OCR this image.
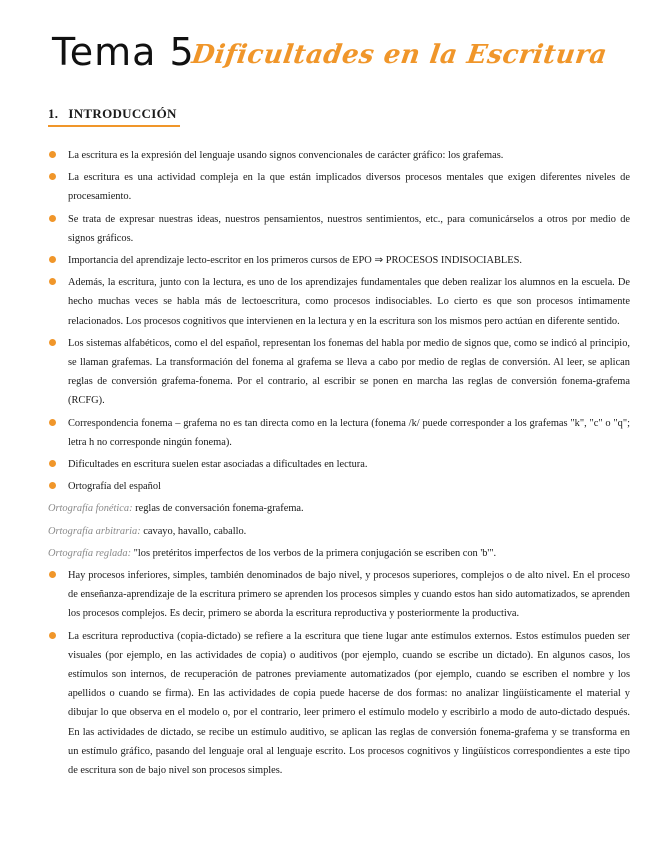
Tema 5
Dificultades en la Escritura
1. INTRODUCCIÓN
La escritura es la expresión del lenguaje usando signos convencionales de carácter gráfico: los grafemas.
La escritura es una actividad compleja en la que están implicados diversos procesos mentales que exigen diferentes niveles de procesamiento.
Se trata de expresar nuestras ideas, nuestros pensamientos, nuestros sentimientos, etc., para comunicárselos a otros por medio de signos gráficos.
Importancia del aprendizaje lecto-escritor en los primeros cursos de EPO ⇒ PROCESOS INDISOCIABLES.
Además, la escritura, junto con la lectura, es uno de los aprendizajes fundamentales que deben realizar los alumnos en la escuela. De hecho muchas veces se habla más de lectoescritura, como procesos indisociables. Lo cierto es que son procesos íntimamente relacionados. Los procesos cognitivos que intervienen en la lectura y en la escritura son los mismos pero actúan en diferente sentido.
Los sistemas alfabéticos, como el del español, representan los fonemas del habla por medio de signos que, como se indicó al principio, se llaman grafemas. La transformación del fonema al grafema se lleva a cabo por medio de reglas de conversión. Al leer, se aplican reglas de conversión grafema-fonema. Por el contrario, al escribir se ponen en marcha las reglas de conversión fonema-grafema (RCFG).
Correspondencia fonema – grafema no es tan directa como en la lectura (fonema /k/ puede corresponder a los grafemas "k", "c" o "q"; letra h no corresponde ningún fonema).
Dificultades en escritura suelen estar asociadas a dificultades en lectura.
Ortografía del español
Ortografía fonética: reglas de conversación fonema-grafema.
Ortografía arbitraria: cavayo, havallo, caballo.
Ortografía reglada: "los pretéritos imperfectos de los verbos de la primera conjugación se escriben con 'b'".
Hay procesos inferiores, simples, también denominados de bajo nivel, y procesos superiores, complejos o de alto nivel. En el proceso de enseñanza-aprendizaje de la escritura primero se aprenden los procesos simples y cuando estos han sido automatizados, se aprenden los procesos complejos. Es decir, primero se aborda la escritura reproductiva y posteriormente la productiva.
La escritura reproductiva (copia-dictado) se refiere a la escritura que tiene lugar ante estímulos externos. Estos estímulos pueden ser visuales (por ejemplo, en las actividades de copia) o auditivos (por ejemplo, cuando se escribe un dictado). En algunos casos, los estímulos son internos, de recuperación de patrones previamente automatizados (por ejemplo, cuando se escriben el nombre y los apellidos o cuando se firma). En las actividades de copia puede hacerse de dos formas: no analizar lingüísticamente el material y dibujar lo que observa en el modelo o, por el contrario, leer primero el estímulo modelo y escribirlo a modo de auto-dictado después. En las actividades de dictado, se recibe un estímulo auditivo, se aplican las reglas de conversión fonema-grafema y se transforma en un estímulo gráfico, pasando del lenguaje oral al lenguaje escrito. Los procesos cognitivos y lingüísticos correspondientes a este tipo de escritura son de bajo nivel son procesos simples.
